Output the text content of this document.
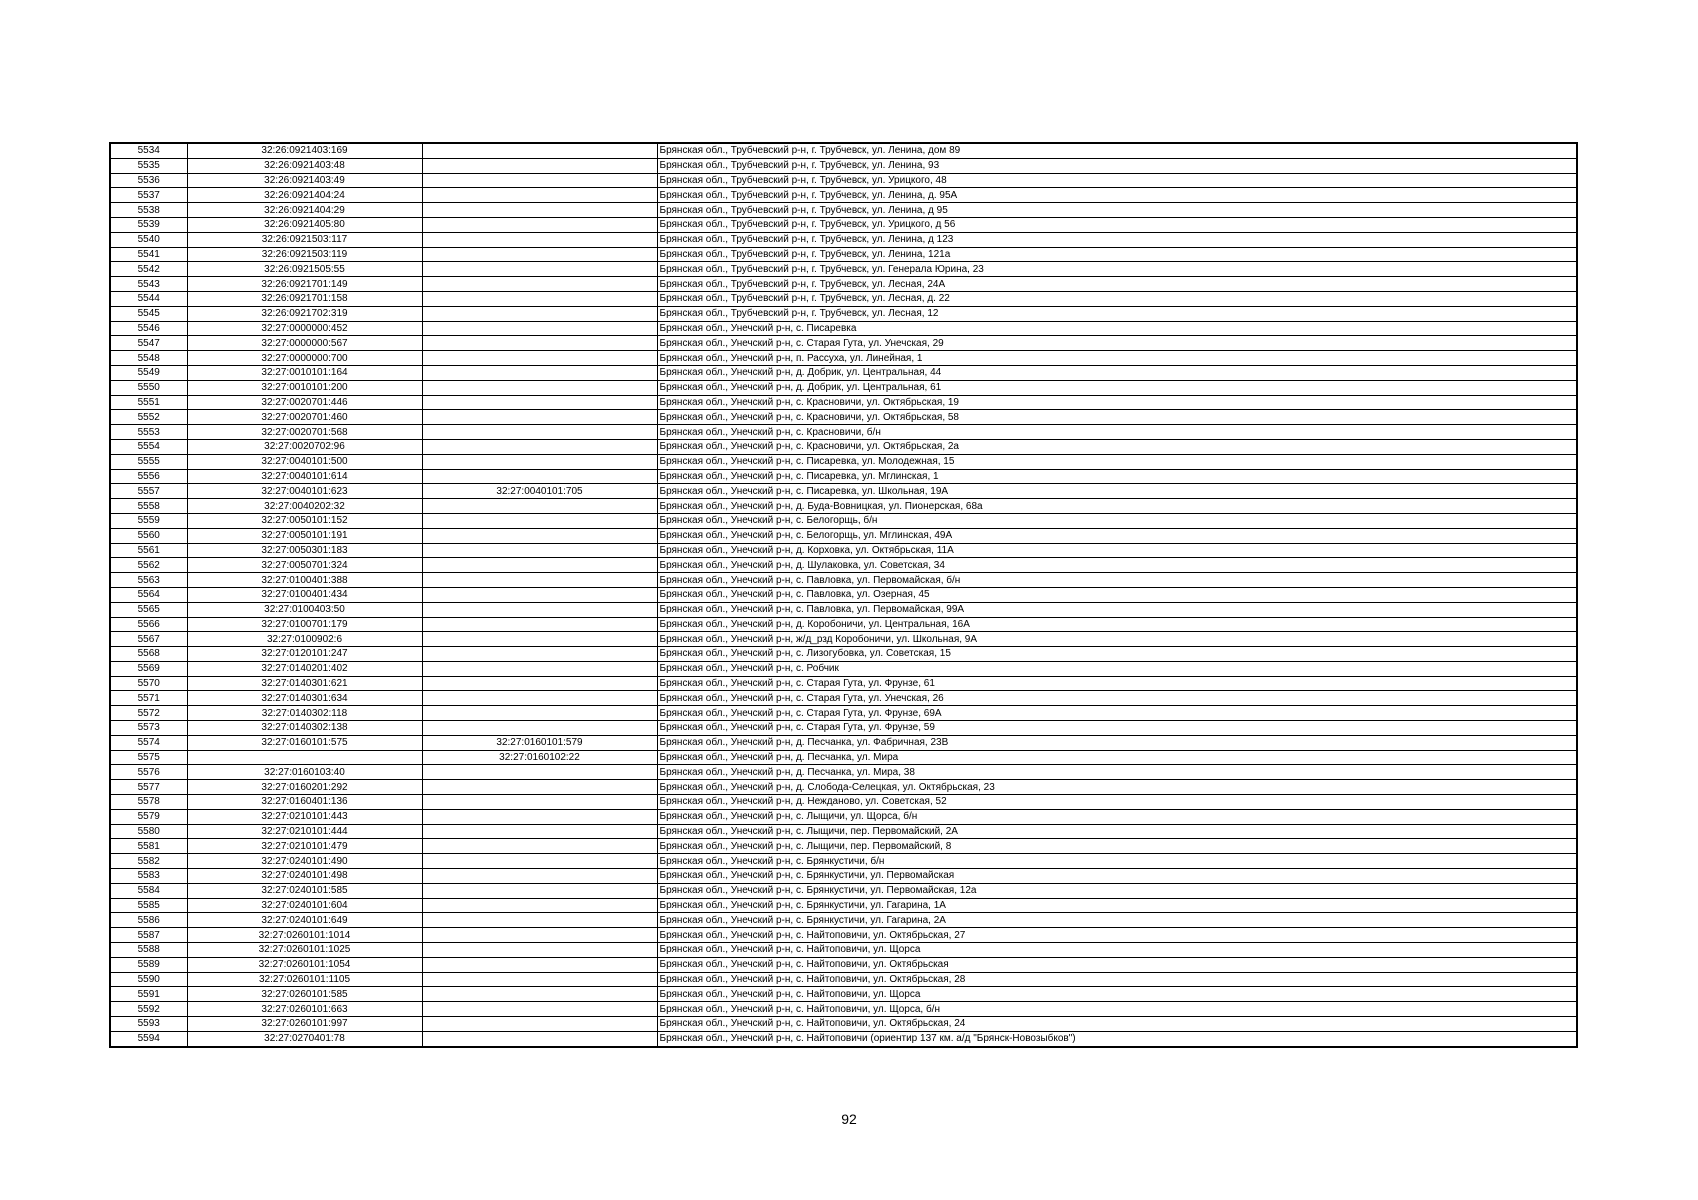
5534	32:26:0921403:169		Брянская обл., Трубчевский р-н, г. Трубчевск, ул. Ленина, дом 89
5535	32:26:0921403:48		Брянская обл., Трубчевский р-н, г. Трубчевск, ул. Ленина, 93
5536	32:26:0921403:49		Брянская обл., Трубчевский р-н, г. Трубчевск, ул. Урицкого, 48
5537	32:26:0921404:24		Брянская обл., Трубчевский р-н, г. Трубчевск, ул. Ленина, д. 95А
5538	32:26:0921404:29		Брянская обл., Трубчевский р-н, г. Трубчевск, ул. Ленина, д 95
5539	32:26:0921405:80		Брянская обл., Трубчевский р-н, г. Трубчевск, ул. Урицкого, д 56
5540	32:26:0921503:117		Брянская обл., Трубчевский р-н, г. Трубчевск, ул. Ленина, д 123
5541	32:26:0921503:119		Брянская обл., Трубчевский р-н, г. Трубчевск, ул. Ленина, 121а
5542	32:26:0921505:55		Брянская обл., Трубчевский р-н, г. Трубчевск, ул. Генерала Юрина, 23
5543	32:26:0921701:149		Брянская обл., Трубчевский р-н, г. Трубчевск, ул. Лесная, 24А
5544	32:26:0921701:158		Брянская обл., Трубчевский р-н, г. Трубчевск, ул. Лесная, д. 22
5545	32:26:0921702:319		Брянская обл., Трубчевский р-н, г. Трубчевск, ул. Лесная, 12
5546	32:27:0000000:452		Брянская обл., Унечский р-н, с. Писаревка
5547	32:27:0000000:567		Брянская обл., Унечский р-н, с. Старая Гута, ул. Унечская, 29
5548	32:27:0000000:700		Брянская обл., Унечский р-н, п. Рассуха, ул. Линейная, 1
5549	32:27:0010101:164		Брянская обл., Унечский р-н, д. Добрик, ул. Центральная, 44
5550	32:27:0010101:200		Брянская обл., Унечский р-н, д. Добрик, ул. Центральная, 61
5551	32:27:0020701:446		Брянская обл., Унечский р-н, с. Красновичи, ул. Октябрьская, 19
5552	32:27:0020701:460		Брянская обл., Унечский р-н, с. Красновичи, ул. Октябрьская, 58
5553	32:27:0020701:568		Брянская обл., Унечский р-н, с. Красновичи, б/н
5554	32:27:0020702:96		Брянская обл., Унечский р-н, с. Красновичи, ул. Октябрьская, 2а
5555	32:27:0040101:500		Брянская обл., Унечский р-н, с. Писаревка, ул. Молодежная, 15
5556	32:27:0040101:614		Брянская обл., Унечский р-н, с. Писаревка, ул. Мглинская, 1
5557	32:27:0040101:623	32:27:0040101:705	Брянская обл., Унечский р-н, с. Писаревка, ул. Школьная, 19А
5558	32:27:0040202:32		Брянская обл., Унечский р-н, д. Буда-Вовницкая, ул. Пионерская, 68а
5559	32:27:0050101:152		Брянская обл., Унечский р-н, с. Белогорщь, б/н
5560	32:27:0050101:191		Брянская обл., Унечский р-н, с. Белогорщь, ул. Мглинская, 49А
5561	32:27:0050301:183		Брянская обл., Унечский р-н, д. Корховка, ул. Октябрьская, 11А
5562	32:27:0050701:324		Брянская обл., Унечский р-н, д. Шулаковка, ул. Советская, 34
5563	32:27:0100401:388		Брянская обл., Унечский р-н, с. Павловка, ул. Первомайская, б/н
5564	32:27:0100401:434		Брянская обл., Унечский р-н, с. Павловка, ул. Озерная, 45
5565	32:27:0100403:50		Брянская обл., Унечский р-н, с. Павловка, ул. Первомайская, 99А
5566	32:27:0100701:179		Брянская обл., Унечский р-н, д. Коробоничи, ул. Центральная, 16А
5567	32:27:0100902:6		Брянская обл., Унечский р-н, ж/д_рзд Коробоничи, ул. Школьная, 9А
5568	32:27:0120101:247		Брянская обл., Унечский р-н, с. Лизогубовка, ул. Советская, 15
5569	32:27:0140201:402		Брянская обл., Унечский р-н, с. Робчик
5570	32:27:0140301:621		Брянская обл., Унечский р-н, с. Старая Гута, ул. Фрунзе, 61
5571	32:27:0140301:634		Брянская обл., Унечский р-н, с. Старая Гута, ул. Унечская, 26
5572	32:27:0140302:118		Брянская обл., Унечский р-н, с. Старая Гута, ул. Фрунзе, 69А
5573	32:27:0140302:138		Брянская обл., Унечский р-н, с. Старая Гута, ул. Фрунзе, 59
5574	32:27:0160101:575	32:27:0160101:579	Брянская обл., Унечский р-н, д. Песчанка, ул. Фабричная, 23В
5575		32:27:0160102:22	Брянская обл., Унечский р-н, д. Песчанка, ул. Мира
5576	32:27:0160103:40		Брянская обл., Унечский р-н, д. Песчанка, ул. Мира, 38
5577	32:27:0160201:292		Брянская обл., Унечский р-н, д. Слобода-Селецкая, ул. Октябрьская, 23
5578	32:27:0160401:136		Брянская обл., Унечский р-н, д. Нежданово, ул. Советская, 52
5579	32:27:0210101:443		Брянская обл., Унечский р-н, с. Лыщичи, ул. Щорса, б/н
5580	32:27:0210101:444		Брянская обл., Унечский р-н, с. Лыщичи, пер. Первомайский, 2А
5581	32:27:0210101:479		Брянская обл., Унечский р-н, с. Лыщичи, пер. Первомайский, 8
5582	32:27:0240101:490		Брянская обл., Унечский р-н, с. Брянкустичи, б/н
5583	32:27:0240101:498		Брянская обл., Унечский р-н, с. Брянкустичи, ул. Первомайская
5584	32:27:0240101:585		Брянская обл., Унечский р-н, с. Брянкустичи, ул. Первомайская, 12а
5585	32:27:0240101:604		Брянская обл., Унечский р-н, с. Брянкустичи, ул. Гагарина, 1А
5586	32:27:0240101:649		Брянская обл., Унечский р-н, с. Брянкустичи, ул. Гагарина, 2А
5587	32:27:0260101:1014		Брянская обл., Унечский р-н, с. Найтоповичи, ул. Октябрьская, 27
5588	32:27:0260101:1025		Брянская обл., Унечский р-н, с. Найтоповичи, ул. Щорса
5589	32:27:0260101:1054		Брянская обл., Унечский р-н, с. Найтоповичи, ул. Октябрьская
5590	32:27:0260101:1105		Брянская обл., Унечский р-н, с. Найтоповичи, ул. Октябрьская, 28
5591	32:27:0260101:585		Брянская обл., Унечский р-н, с. Найтоповичи, ул. Щорса
5592	32:27:0260101:663		Брянская обл., Унечский р-н, с. Найтоповичи, ул. Щорса, б/н
5593	32:27:0260101:997		Брянская обл., Унечский р-н, с. Найтоповичи, ул. Октябрьская, 24
5594	32:27:0270401:78		Брянская обл., Унечский р-н, с. Найтоповичи (ориентир 137 км. а/д "Брянск-Новозыбков")
92
